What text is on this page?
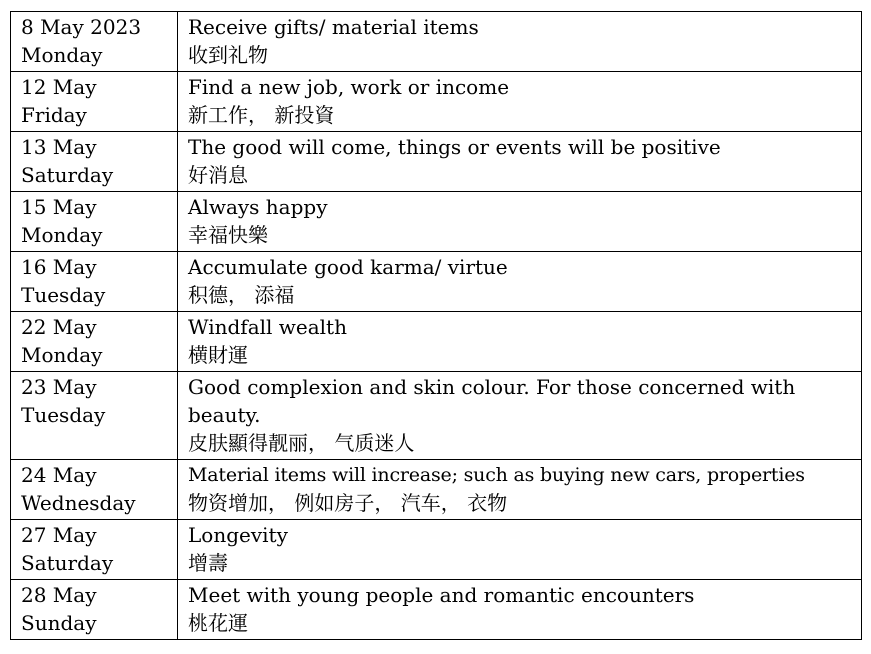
8 May 2023
Monday	Receive gifts/ material items
收到礼物

12 May
Friday	Find a new job, work or income
新工作， 新投資

13 May
Saturday	The good will come, things or events will be positive
好消息

15 May
Monday	Always happy
幸福快樂

16 May
Tuesday	Accumulate good karma/ virtue
积德， 添福

22 May
Monday	Windfall wealth
横財運

23 May
Tuesday	Good complexion and skin colour. For those concerned with beauty.
皮肤顯得靓丽， 气质迷人

24 May
Wednesday	Material items will increase; such as buying new cars, properties
物资增加， 例如房子， 汽车， 衣物

27 May
Saturday	Longevity
增壽

28 May
Sunday	Meet with young people and romantic encounters
桃花運
